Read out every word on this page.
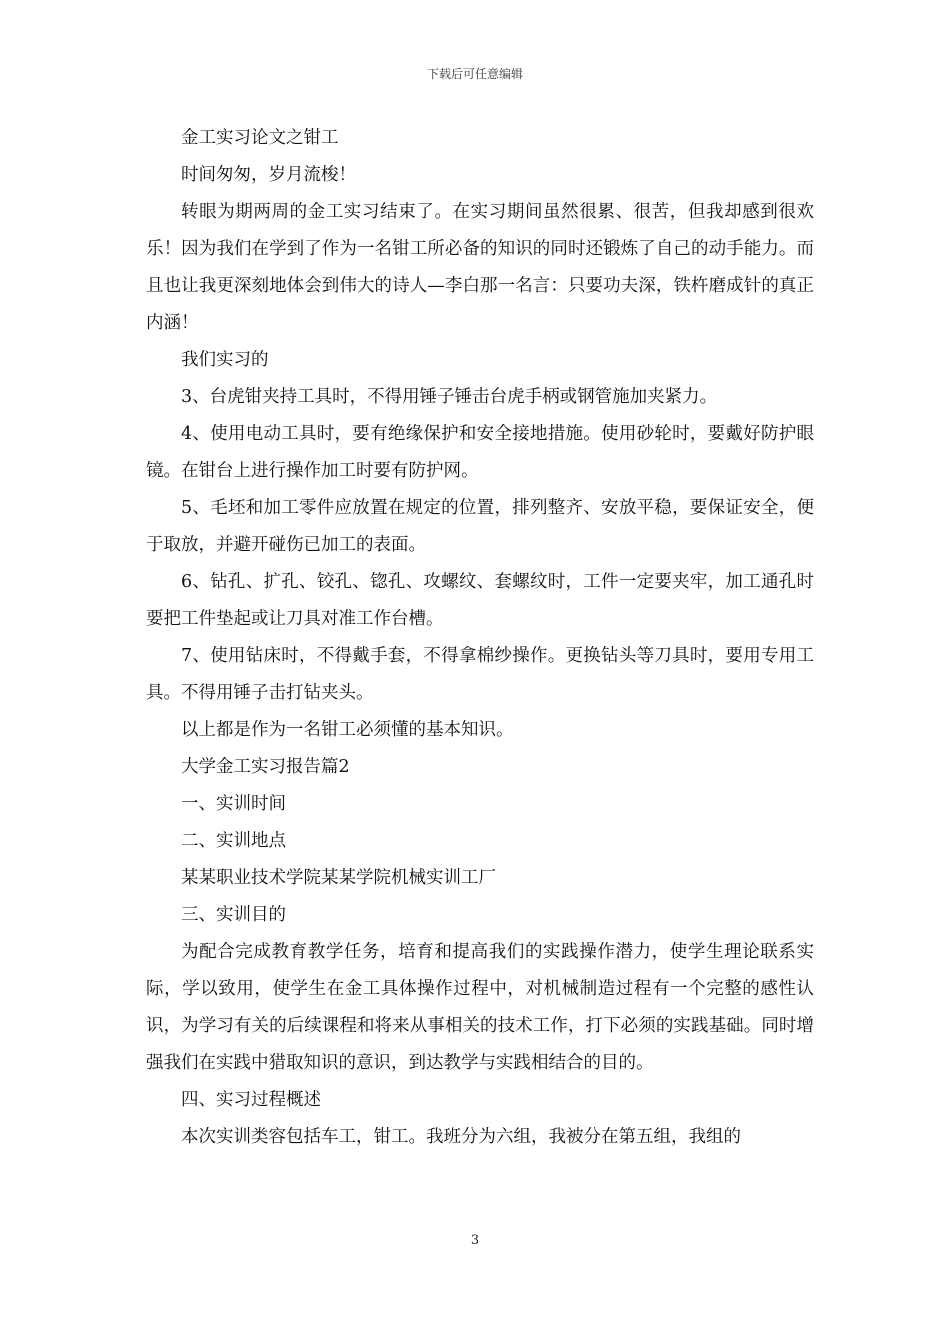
下载后可任意编辑

金工实习论文之钳工

时间匆匆，岁月流梭！

转眼为期两周的金工实习结束了。在实习期间虽然很累、很苦，但我却感到很欢乐！因为我们在学到了作为一名钳工所必备的知识的同时还锻炼了自己的动手能力。而且也让我更深刻地体会到伟大的诗人—李白那一名言：只要功夫深，铁杵磨成针的真正内涵！

我们实习的

3、台虎钳夹持工具时，不得用锤子锤击台虎手柄或钢管施加夹紧力。

4、使用电动工具时，要有绝缘保护和安全接地措施。使用砂轮时，要戴好防护眼镜。在钳台上进行操作加工时要有防护网。

5、毛坯和加工零件应放置在规定的位置，排列整齐、安放平稳，要保证安全，便于取放，并避开碰伤已加工的表面。

6、钻孔、扩孔、铰孔、锪孔、攻螺纹、套螺纹时，工件一定要夹牢，加工通孔时要把工件垫起或让刀具对准工作台槽。

7、使用钻床时，不得戴手套，不得拿棉纱操作。更换钻头等刀具时，要用专用工具。不得用锤子击打钻夹头。

以上都是作为一名钳工必须懂的基本知识。

大学金工实习报告篇2

一、实训时间

二、实训地点

某某职业技术学院某某学院机械实训工厂

三、实训目的

为配合完成教育教学任务，培育和提高我们的实践操作潜力，使学生理论联系实际，学以致用，使学生在金工具体操作过程中，对机械制造过程有一个完整的感性认识，为学习有关的后续课程和将来从事相关的技术工作，打下必须的实践基础。同时增强我们在实践中猎取知识的意识，到达教学与实践相结合的目的。

四、实习过程概述

本次实训类容包括车工，钳工。我班分为六组，我被分在第五组，我组的

3
